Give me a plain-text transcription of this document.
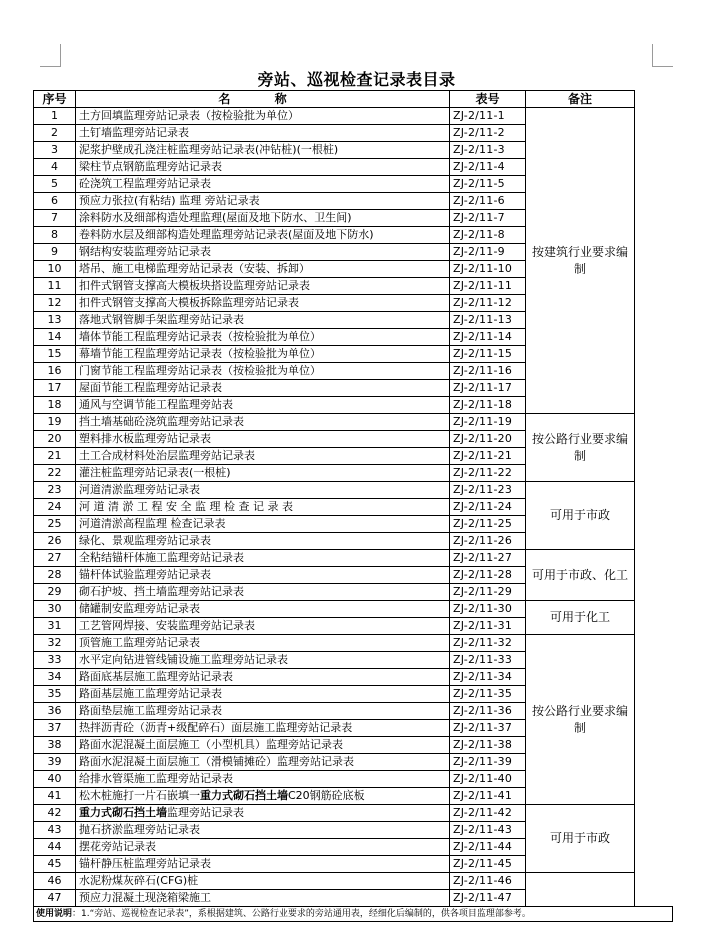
旁站、巡视检查记录表目录
序号	名 称	表号	备注	
1	土方回填监理旁站记录表（按检验批为单位）	ZJ-2/11-1	按建筑行业要求编制	
2	土钉墙监理旁站记录表	ZJ-2/11-2		
3	泥浆护壁成孔浇注桩监理旁站记录表(冲钻桩)(一根桩)	ZJ-2/11-3		
4	梁柱节点钢筋监理旁站记录表	ZJ-2/11-4		
5	砼浇筑工程监理旁站记录表	ZJ-2/11-5		
6	预应力张拉(有粘结) 监理 旁站记录表	ZJ-2/11-6		
7	涂料防水及细部构造处理监理(屋面及地下防水、卫生间)	ZJ-2/11-7		
8	卷料防水层及细部构造处理监理旁站记录表(屋面及地下防水)	ZJ-2/11-8		
9	钢结构安装监理旁站记录表	ZJ-2/11-9		
10	塔吊、施工电梯监理旁站记录表（安装、拆卸）	ZJ-2/11-10		
11	扣件式钢管支撑高大模板块搭设监理旁站记录表	ZJ-2/11-11		
12	扣件式钢管支撑高大模板拆除监理旁站记录表	ZJ-2/11-12		
13	落地式钢管脚手架监理旁站记录表	ZJ-2/11-13		
14	墙体节能工程监理旁站记录表（按检验批为单位）	ZJ-2/11-14		
15	幕墙节能工程监理旁站记录表（按检验批为单位）	ZJ-2/11-15		
16	门窗节能工程监理旁站记录表（按检验批为单位）	ZJ-2/11-16		
17	屋面节能工程监理旁站记录表	ZJ-2/11-17		
18	通风与空调节能工程监理旁站表	ZJ-2/11-18		
19	挡土墙基础砼浇筑监理旁站记录表	ZJ-2/11-19	按公路行业要求编制	
20	塑料排水板监理旁站记录表	ZJ-2/11-20		
21	土工合成材料处治层监理旁站记录表	ZJ-2/11-21		
22	灌注桩监理旁站记录表(一根桩)	ZJ-2/11-22		
23	河道清淤监理旁站记录表	ZJ-2/11-23	可用于市政	
24	河 道 清 淤 工 程 安 全 监 理 检 查 记 录 表	ZJ-2/11-24		
25	河道清淤高程监理 检查记录表	ZJ-2/11-25		
26	绿化、景观监理旁站记录表	ZJ-2/11-26		
27	全粘结锚杆体施工监理旁站记录表	ZJ-2/11-27	可用于市政、化工	
28	锚杆体试验监理旁站记录表	ZJ-2/11-28		
29	砌石护坡、挡土墙监理旁站记录表	ZJ-2/11-29		
30	储罐制安监理旁站记录表	ZJ-2/11-30	可用于化工	
31	工艺管网焊接、安装监理旁站记录表	ZJ-2/11-31		
32	顶管施工监理旁站记录表	ZJ-2/11-32	按公路行业要求编制	
33	水平定向钻进管线铺设施工监理旁站记录表	ZJ-2/11-33		
34	路面底基层施工监理旁站记录表	ZJ-2/11-34		
35	路面基层施工监理旁站记录表	ZJ-2/11-35		
36	路面垫层施工监理旁站记录表	ZJ-2/11-36		
37	热拌沥青砼（沥青+级配碎石）面层施工监理旁站记录表	ZJ-2/11-37		
38	路面水泥混凝土面层施工（小型机具）监理旁站记录表	ZJ-2/11-38		
39	路面水泥混凝土面层施工（滑模铺摊砼）监理旁站记录表	ZJ-2/11-39		
40	给排水管渠施工监理旁站记录表	ZJ-2/11-40		
41	松木桩施打一片石嵌填一重力式砌石挡土墙C20钢筋砼底板	ZJ-2/11-41		
42	重力式砌石挡土墙监理旁站记录表	ZJ-2/11-42	可用于市政	
43	抛石挤淤监理旁站记录表	ZJ-2/11-43		
44	摆花旁站记录表	ZJ-2/11-44		
45	锚杆静压桩监理旁站记录表	ZJ-2/11-45	
46	水泥粉煤灰碎石(CFG)桩	ZJ-2/11-46		
47	预应力混凝土现浇箱梁施工	ZJ-2/11-47		
使用说明：1.“旁站、巡视检查记录表”，系根据建筑、公路行业要求的旁站通用表，经细化后编制的，供各项目监理部参考。
